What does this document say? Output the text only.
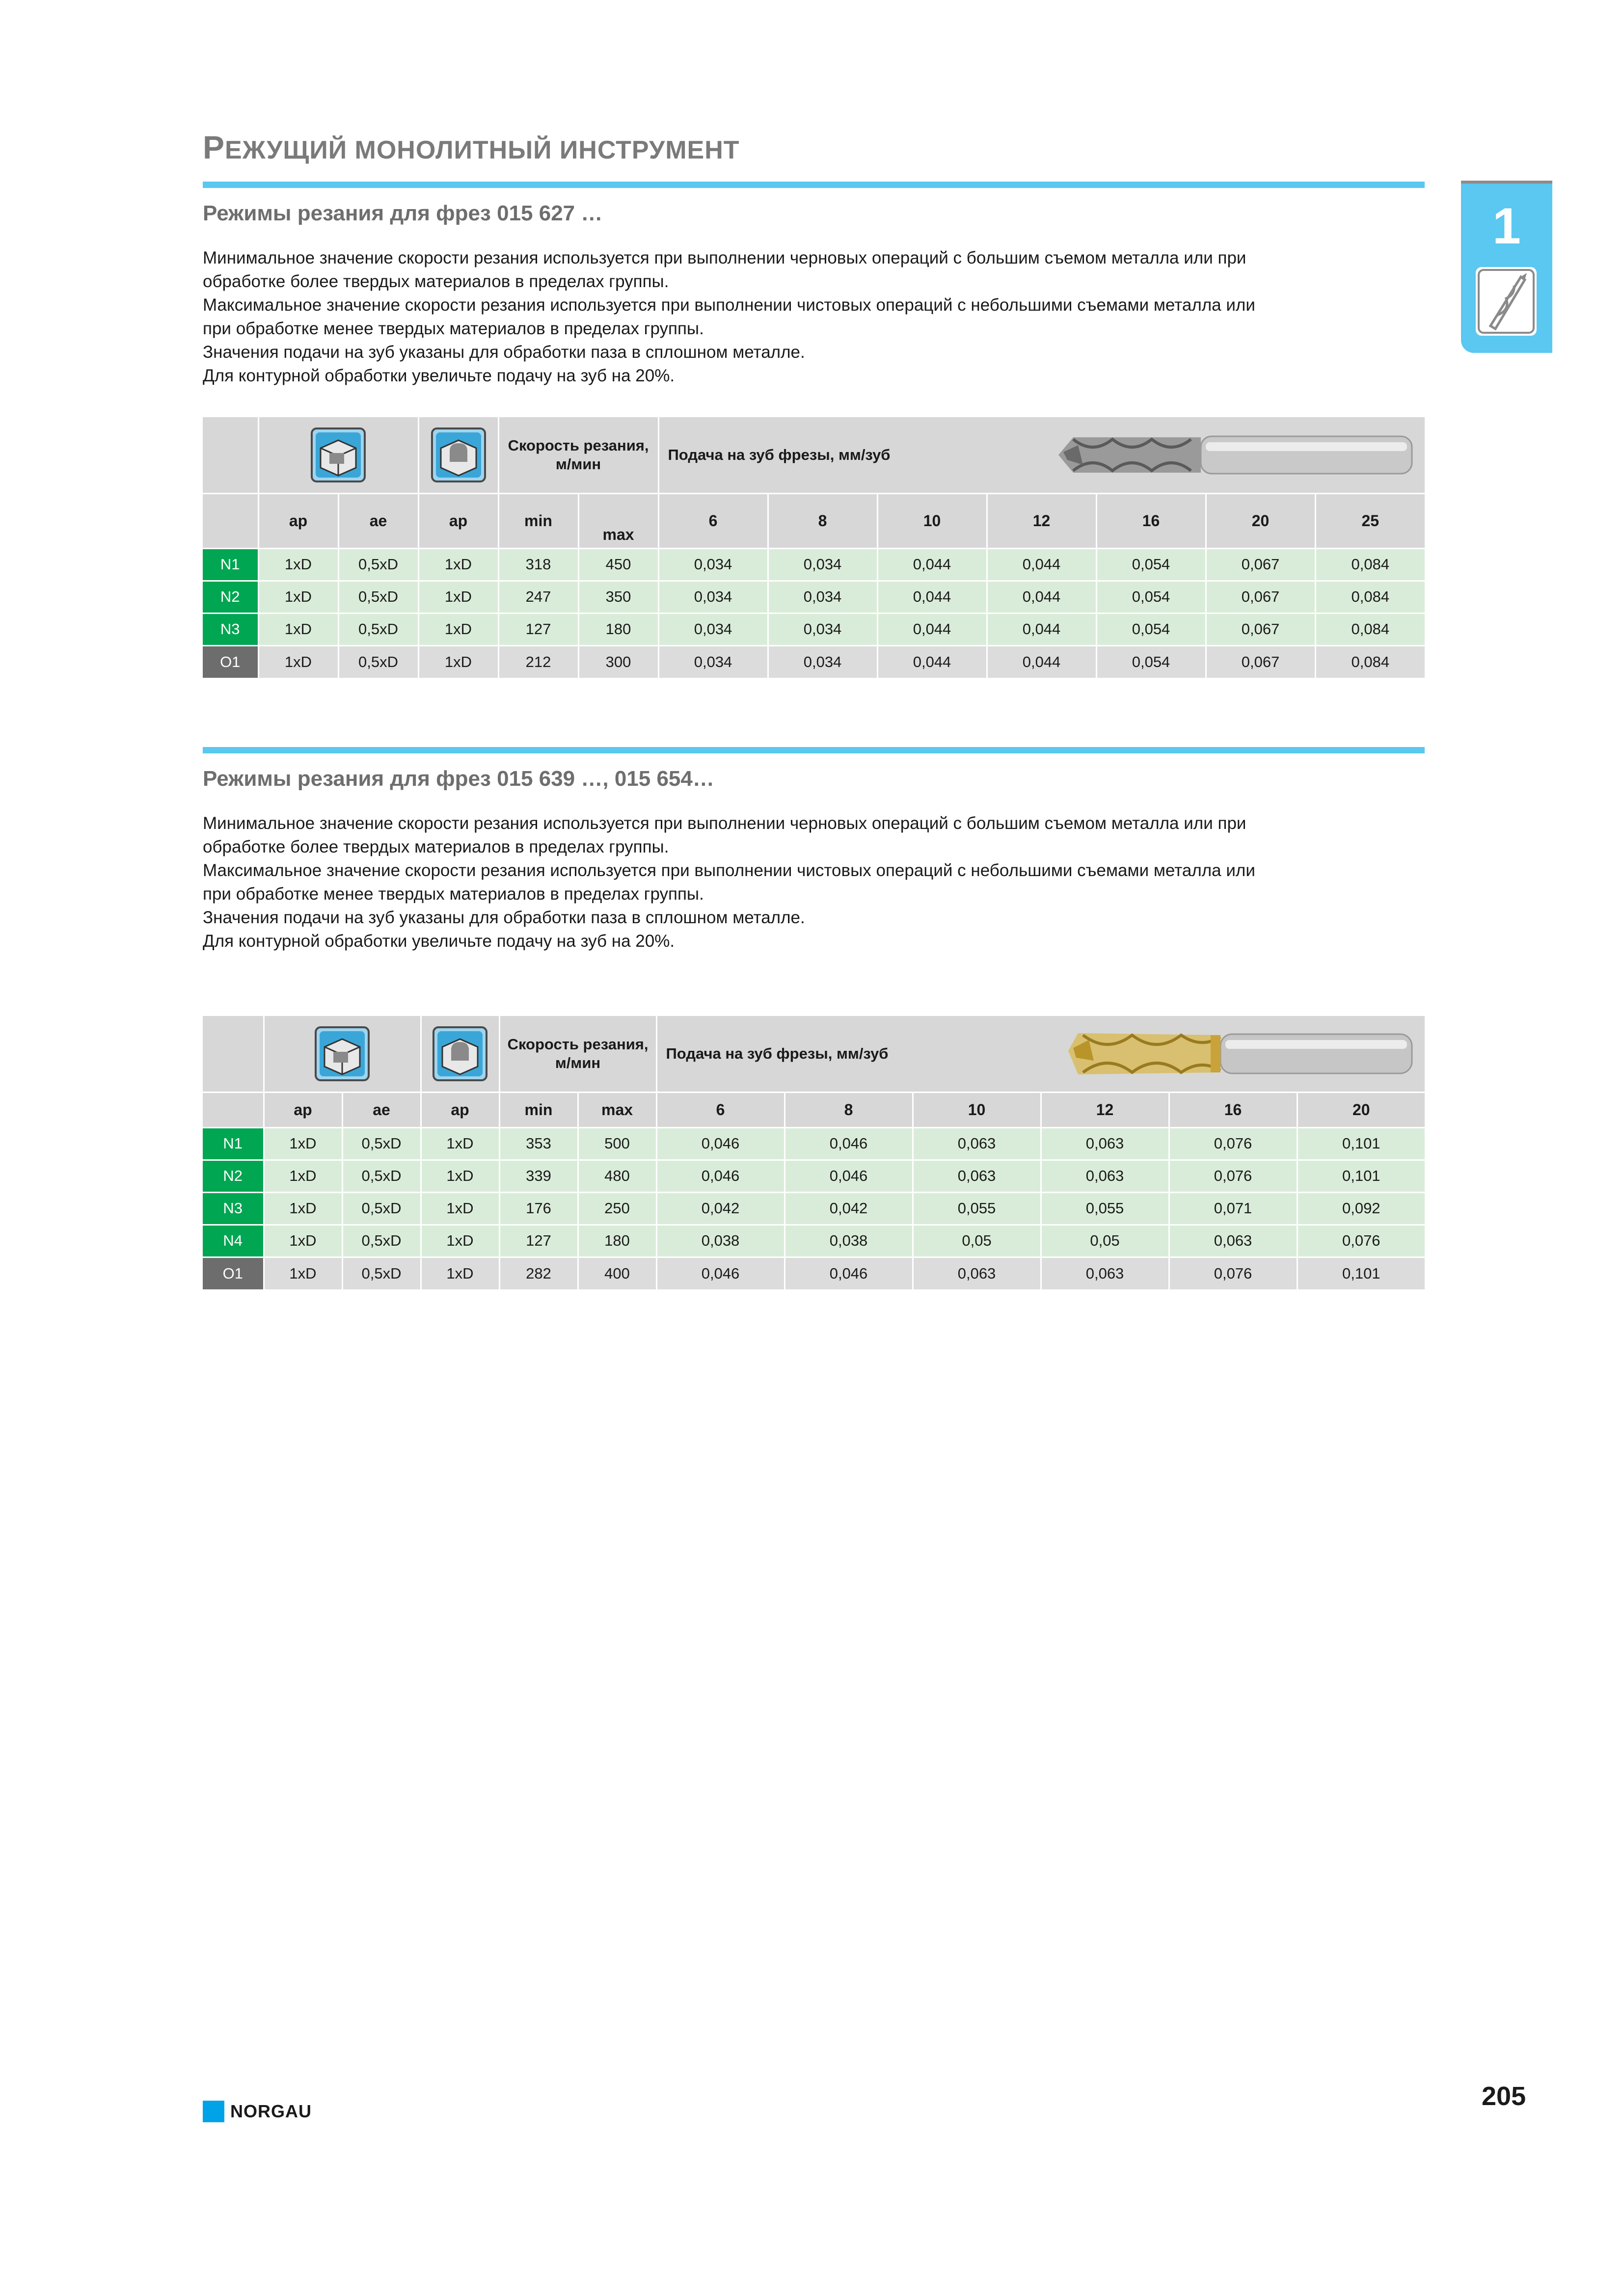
РЕЖУЩИЙ МОНОЛИТНЫЙ ИНСТРУМЕНТ
1
Режимы резания для фрез 015 627 …

Минимальное значение скорости резания используется при выполнении черновых операций с большим съемом металла или при

обработке более твердых материалов в пределах группы.

Максимальное значение скорости резания используется при выполнении чистовых операций с небольшими съемами металла или

при обработке менее твердых материалов в пределах группы.

Значения подачи на зуб указаны для обработки паза в сплошном металле.

Для контурной обработки увеличьте подачу на зуб на 20%.

			Скорость резания, м/мин		Подача на зуб фрезы, мм/зуб						

	ap	ae	ap	min	max	6	8	10	12	16	20	25
N1	1xD	0,5xD	1xD	318	450	0,034	0,034	0,044	0,044	0,054	0,067	0,084
N2	1xD	0,5xD	1xD	247	350	0,034	0,034	0,044	0,044	0,054	0,067	0,084
N3	1xD	0,5xD	1xD	127	180	0,034	0,034	0,044	0,044	0,054	0,067	0,084
O1	1xD	0,5xD	1xD	212	300	0,034	0,034	0,044	0,044	0,054	0,067	0,084
Режимы резания для фрез 015 639 …, 015 654…

Минимальное значение скорости резания используется при выполнении черновых операций с большим съемом металла или при

обработке более твердых материалов в пределах группы.

Максимальное значение скорости резания используется при выполнении чистовых операций с небольшими съемами металла или

при обработке менее твердых материалов в пределах группы.

Значения подачи на зуб указаны для обработки паза в сплошном металле.

Для контурной обработки увеличьте подачу на зуб на 20%.

			Скорость резания, м/мин		Подача на зуб фрезы, мм/зуб					

	ap	ae	ap	min	max	6	8	10	12	16	20
N1	1xD	0,5xD	1xD	353	500	0,046	0,046	0,063	0,063	0,076	0,101
N2	1xD	0,5xD	1xD	339	480	0,046	0,046	0,063	0,063	0,076	0,101
N3	1xD	0,5xD	1xD	176	250	0,042	0,042	0,055	0,055	0,071	0,092
N4	1xD	0,5xD	1xD	127	180	0,038	0,038	0,05	0,05	0,063	0,076
O1	1xD	0,5xD	1xD	282	400	0,046	0,046	0,063	0,063	0,076	0,101
NORGAU
205
